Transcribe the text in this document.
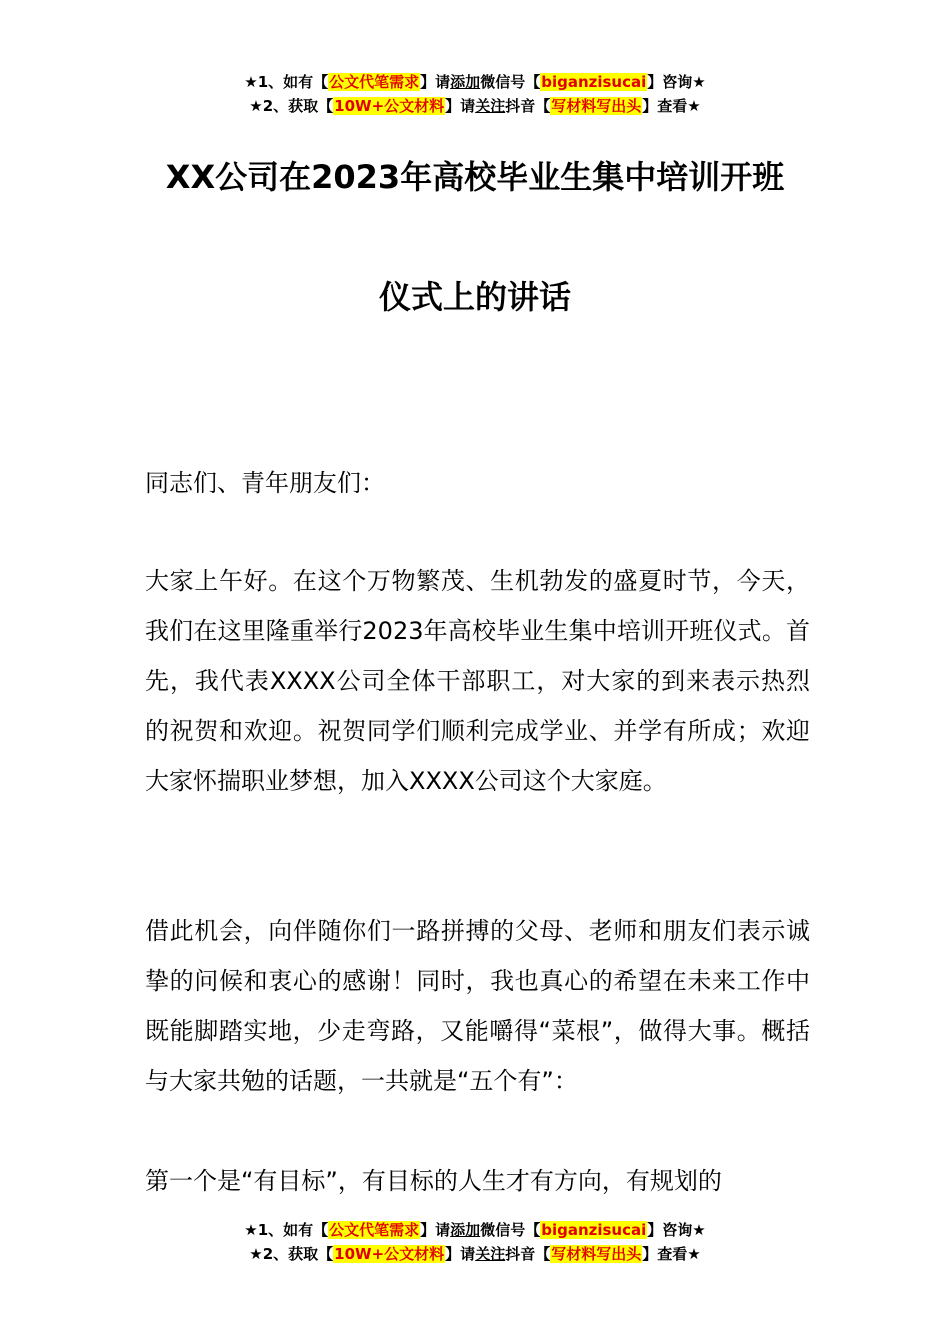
★1、如有【公文代笔需求】请添加微信号【biganzisucai】咨询★
★2、获取【10W+公文材料】请关注抖音【写材料写出头】查看★
XX公司在2023年高校毕业生集中培训开班
仪式上的讲话
同志们、青年朋友们：
大家上午好。在这个万物繁茂、生机勃发的盛夏时节，今天，我们在这里隆重举行2023年高校毕业生集中培训开班仪式。首先，我代表XXXX公司全体干部职工，对大家的到来表示热烈的祝贺和欢迎。祝贺同学们顺利完成学业、并学有所成；欢迎大家怀揣职业梦想，加入XXXX公司这个大家庭。
借此机会，向伴随你们一路拼搏的父母、老师和朋友们表示诚挚的问候和衷心的感谢！同时，我也真心的希望在未来工作中既能脚踏实地，少走弯路，又能嚼得“菜根”，做得大事。概括与大家共勉的话题，一共就是“五个有”：
第一个是“有目标”，有目标的人生才有方向，有规划的
★1、如有【公文代笔需求】请添加微信号【biganzisucai】咨询★
★2、获取【10W+公文材料】请关注抖音【写材料写出头】查看★
